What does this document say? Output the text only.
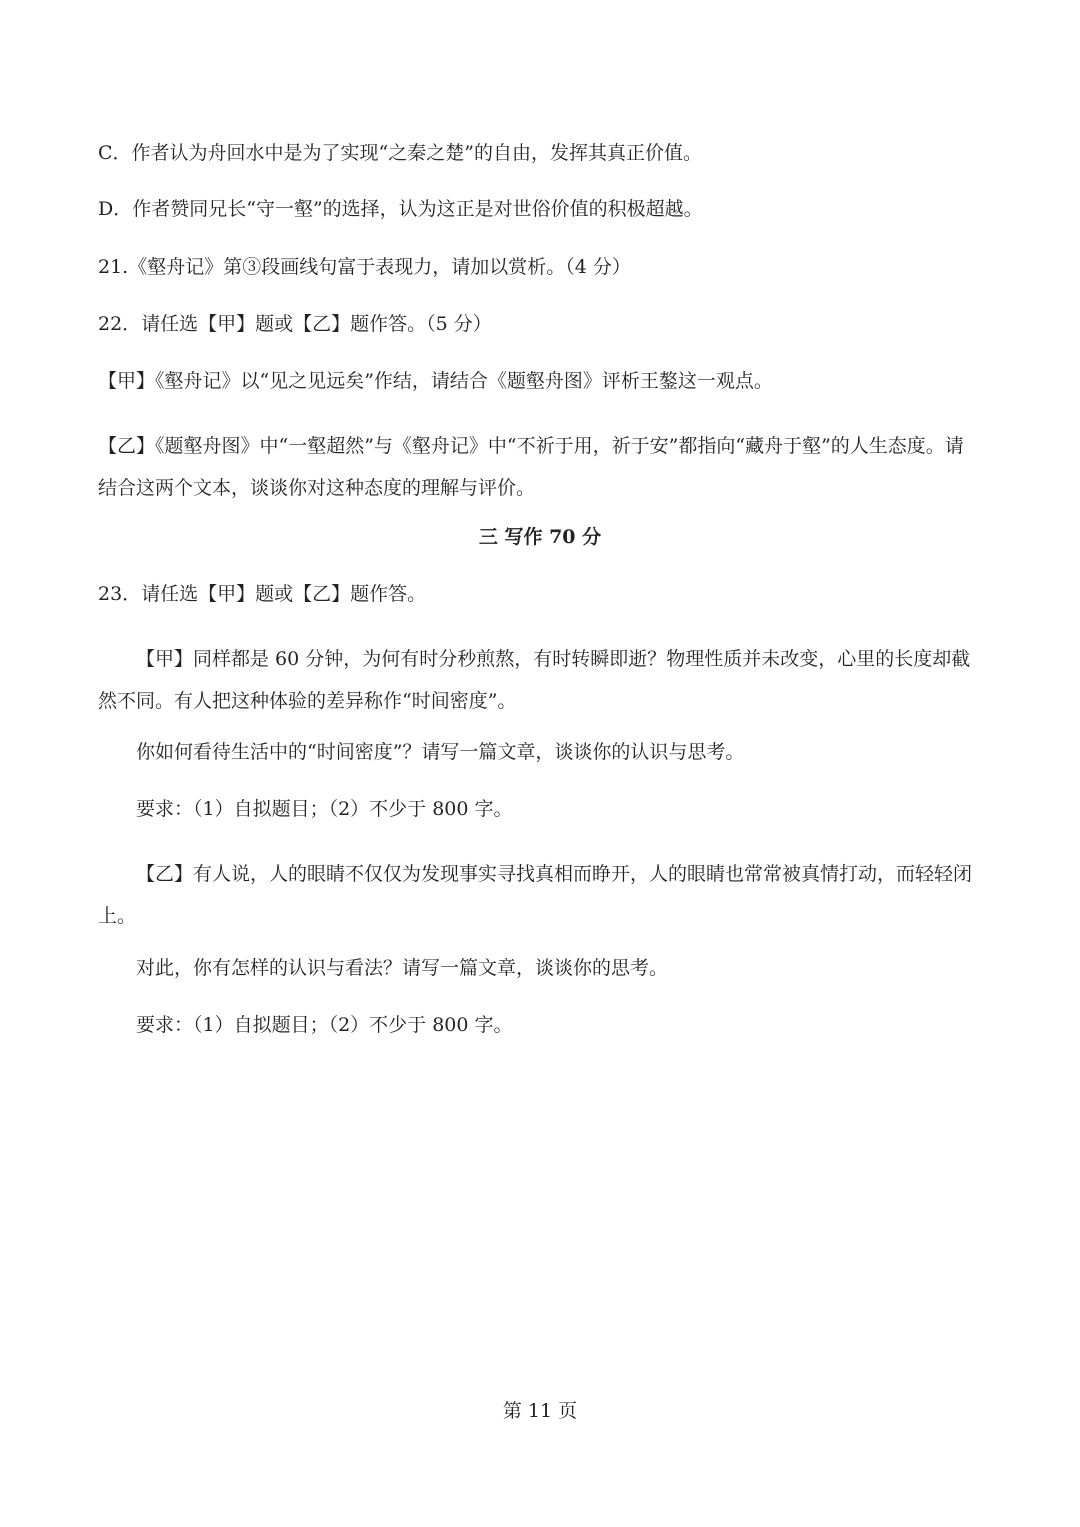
C．作者认为舟回水中是为了实现“之秦之楚”的自由，发挥其真正价值。
D．作者赞同兄长“守一壑”的选择，认为这正是对世俗价值的积极超越。
21.《壑舟记》第③段画线句富于表现力，请加以赏析。（4 分）
22．请任选【甲】题或【乙】题作答。（5 分）
【甲】《壑舟记》以“见之见远矣”作结，请结合《题壑舟图》评析王鏊这一观点。
【乙】《题壑舟图》中“一壑超然”与《壑舟记》中“不祈于用，祈于安”都指向“藏舟于壑”的人生态度。请结合这两个文本，谈谈你对这种态度的理解与评价。
三 写作 70 分
23．请任选【甲】题或【乙】题作答。
【甲】同样都是 60 分钟，为何有时分秒煎熬，有时转瞬即逝？物理性质并未改变，心里的长度却截然不同。有人把这种体验的差异称作“时间密度”。
你如何看待生活中的“时间密度”？请写一篇文章，谈谈你的认识与思考。
要求：（1）自拟题目；（2）不少于 800 字。
【乙】有人说，人的眼睛不仅仅为发现事实寻找真相而睁开，人的眼睛也常常被真情打动，而轻轻闭上。
对此，你有怎样的认识与看法？请写一篇文章，谈谈你的思考。
要求：（1）自拟题目；（2）不少于 800 字。
第 11 页
